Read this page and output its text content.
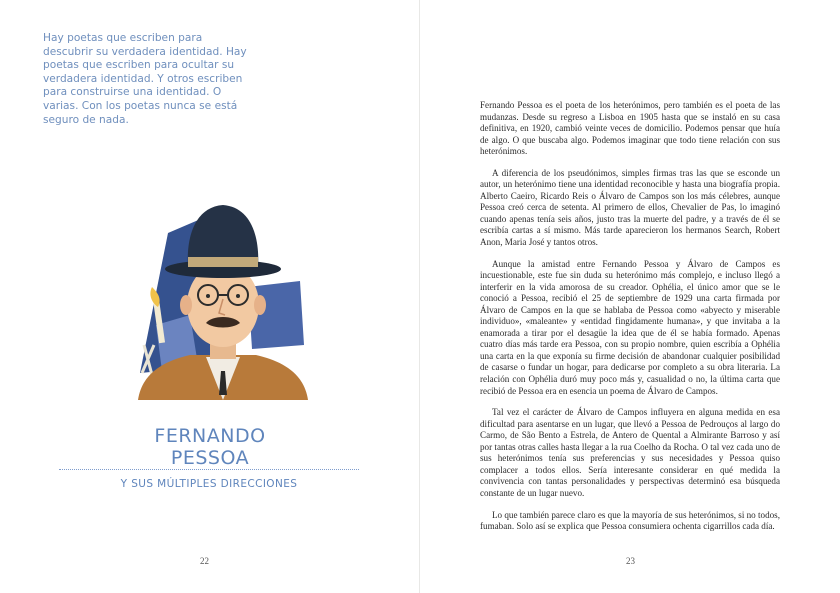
Hay poetas que escriben para descubrir su verdadera identidad. Hay poetas que escriben para ocultar su verdadera identidad. Y otros escriben para construirse una identidad. O varias. Con los poetas nunca se está seguro de nada.

FERNANDO
PESSOA

Y SUS MÚLTIPLES DIRECCIONES

22

Fernando Pessoa es el poeta de los heterónimos, pero también es el poeta de las mudanzas. Desde su regreso a Lisboa en 1905 hasta que se instaló en su casa definitiva, en 1920, cambió veinte veces de domicilio. Podemos pensar que huía de algo. O que buscaba algo. Podemos imaginar que todo tiene relación con sus heterónimos.

A diferencia de los pseudónimos, simples firmas tras las que se esconde un autor, un heterónimo tiene una identidad reconocible y hasta una biografía propia. Alberto Caeiro, Ricardo Reis o Álvaro de Campos son los más célebres, aunque Pessoa creó cerca de setenta. Al primero de ellos, Chevalier de Pas, lo imaginó cuando apenas tenía seis años, justo tras la muerte del padre, y a través de él se escribía cartas a sí mismo. Más tarde aparecieron los hermanos Search, Robert Anon, Maria José y tantos otros.

Aunque la amistad entre Fernando Pessoa y Álvaro de Campos es incuestionable, este fue sin duda su heterónimo más complejo, e incluso llegó a interferir en la vida amorosa de su creador. Ophélia, el único amor que se le conoció a Pessoa, recibió el 25 de septiembre de 1929 una carta firmada por Álvaro de Campos en la que se hablaba de Pessoa como «abyecto y miserable individuo», «maleante» y «entidad fingidamente humana», y que invitaba a la enamorada a tirar por el desagüe la idea que de él se había formado. Apenas cuatro días más tarde era Pessoa, con su propio nombre, quien escribía a Ophélia una carta en la que exponía su firme decisión de abandonar cualquier posibilidad de casarse o fundar un hogar, para dedicarse por completo a su obra literaria. La relación con Ophélia duró muy poco más y, casualidad o no, la última carta que recibió de Pessoa era en esencia un poema de Álvaro de Campos.

Tal vez el carácter de Álvaro de Campos influyera en alguna medida en esa dificultad para asentarse en un lugar, que llevó a Pessoa de Pedrouços al largo do Carmo, de São Bento a Estrela, de Antero de Quental a Almirante Barroso y así por tantas otras calles hasta llegar a la rua Coelho da Rocha. O tal vez cada uno de sus heterónimos tenía sus preferencias y sus necesidades y Pessoa quiso complacer a todos ellos. Sería interesante considerar en qué medida la convivencia con tantas personalidades y perspectivas determinó esa búsqueda constante de un lugar nuevo.

Lo que también parece claro es que la mayoría de sus heterónimos, si no todos, fumaban. Solo así se explica que Pessoa consumiera ochenta cigarrillos cada día.

23
